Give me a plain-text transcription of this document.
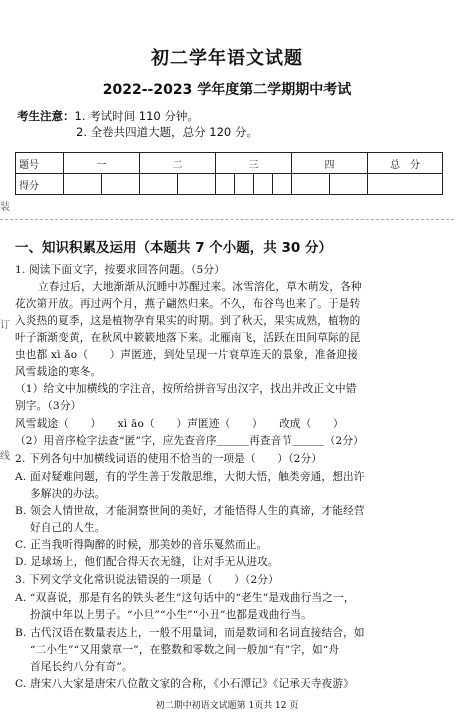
初二学年语文试题
2022--2023 学年度第二学期期中考试
考生注意：1. 考试时间 110 分钟。
2. 全卷共四道大题，总分 120 分。
题号	一		二		三				四		总　分
得分											
装
订
线
一、知识积累及运用（本题共 7 个小题，共 30 分）
1. 阅读下面文字，按要求回答问题。（5分）
立春过后，大地渐渐从沉睡中苏醒过来。冰雪溶化，草木萌发，各种
花次第开放。再过两个月，燕子翩然归来。不久，布谷鸟也来了。于是转
入炎热的夏季，这是植物孕育果实的时期。到了秋天，果实成熟，植物的
叶子渐渐变黄，在秋风中簌簌地落下来。北雁南飞，活跃在田间草际的昆
虫也都 xì ǎo（　　）声匿迹，到处呈现一片衰草连天的景象，准备迎接
风雪载途的寒冬。
（1）给文中加横线的字注音，按所给拼音写出汉字，找出并改正文中错
别字。（3分）
风雪载途（　　）　　xì āo（　　）声匿迹（　　）　　改成（　　）
（2）用音序检字法查“匿”字，应先查音序＿＿＿再查音节＿＿＿（2分）
2. 下列各句中加横线词语的使用不恰当的一项是（　　）（2分）
A. 面对疑难问题，有的学生善于发散思维，大彻大悟，触类旁通，想出许
多解决的办法。
B. 领会人情世故，才能洞察世间的美好，才能悟得人生的真谛，才能经营
好自己的人生。
C. 正当我听得陶醉的时候，那美妙的音乐戛然而止。
D. 足球场上，他们配合得天衣无缝，让对手无从进攻。
3. 下列文学文化常识说法错误的一项是（　　）（2分）
A. “双喜说，那是有名的铁头老生”这句话中的“老生”是戏曲行当之一，
扮演中年以上男子。“小旦”“小生”“小丑”也都是戏曲行当。
B. 古代汉语在数量表达上，一般不用量词，而是数词和名词直接结合，如
“二小生”“又用蒙章一”，在整数和零数之间一般加“有”字，如“舟
首尾长约八分有奇”。
C. 唐宋八大家是唐宋八位散文家的合称，《小石潭记》《记承天寺夜游》
初二期中初语文试题第 1页共 12 页
